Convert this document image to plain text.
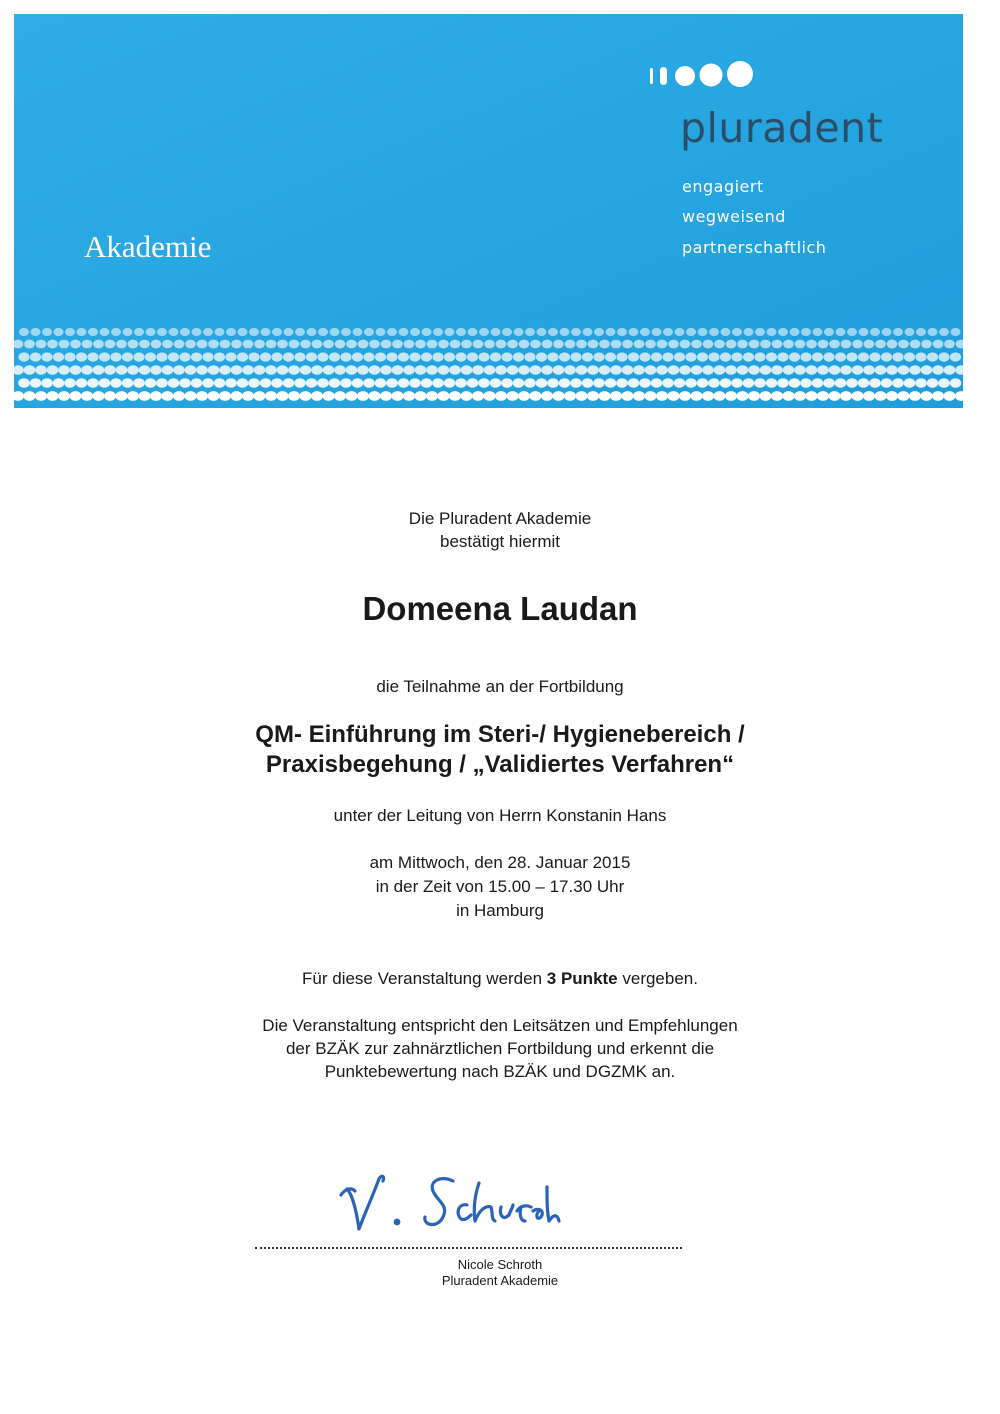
Akademie
pluradent
engagiert
wegweisend
partnerschaftlich
Die Pluradent Akademie
bestätigt hiermit
Domeena Laudan
die Teilnahme an der Fortbildung
QM- Einführung im Steri-/ Hygienebereich /
Praxisbegehung / „Validiertes Verfahren“
unter der Leitung von Herrn Konstanin Hans
am Mittwoch, den 28. Januar 2015
in der Zeit von 15.00 – 17.30 Uhr
in Hamburg
Für diese Veranstaltung werden 3 Punkte vergeben.
Die Veranstaltung entspricht den Leitsätzen und Empfehlungen
der BZÄK zur zahnärztlichen Fortbildung und erkennt die
Punktebewertung nach BZÄK und DGZMK an.
Nicole Schroth
Pluradent Akademie
